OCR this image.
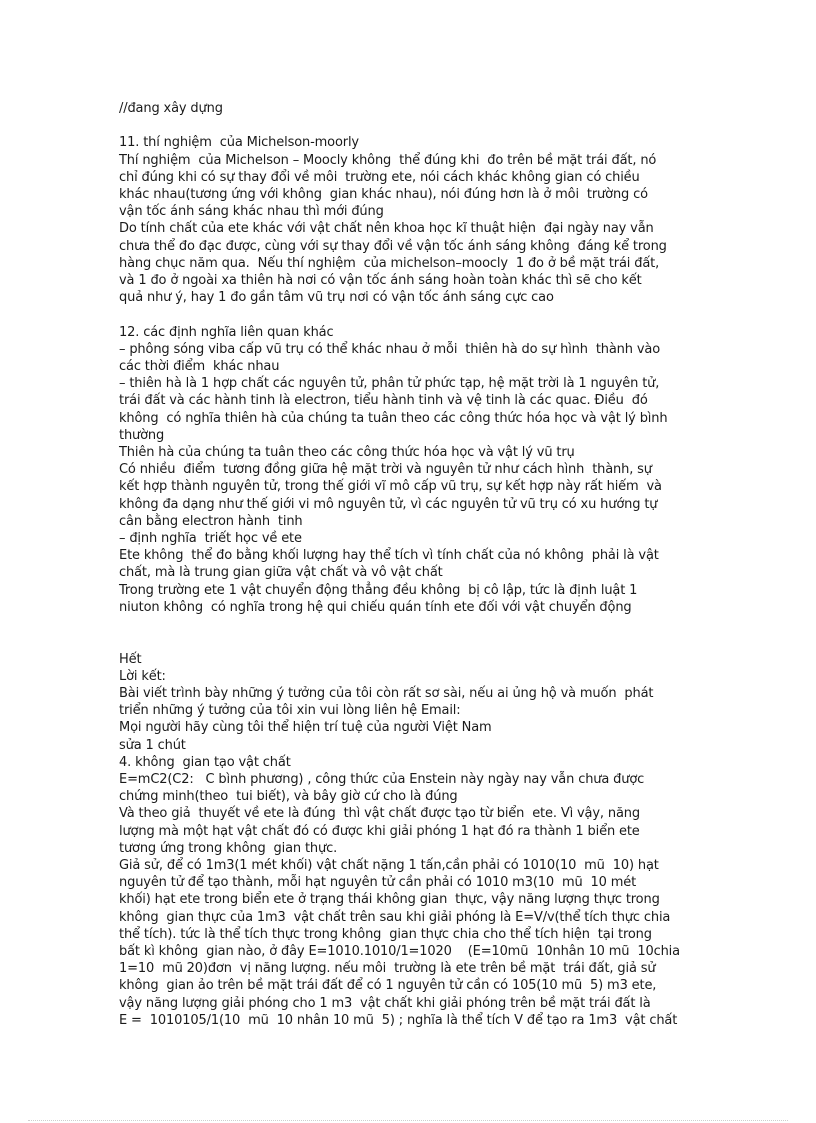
//đang xây dựng

11. thí nghiệm  của Michelson-moorly

Thí nghiệm  của Michelson – Moocly không  thể đúng khi  đo trên bề mặt trái đất, nó

chỉ đúng khi có sự thay đổi về môi  trường ete, nói cách khác không gian có chiều

khác nhau(tương ứng với không  gian khác nhau), nói đúng hơn là ở môi  trường có

vận tốc ánh sáng khác nhau thì mới đúng

Do tính chất của ete khác với vật chất nên khoa học kĩ thuật hiện  đại ngày nay vẫn

chưa thể đo đạc được, cùng với sự thay đổi về vận tốc ánh sáng không  đáng kể trong

hàng chục năm qua.  Nếu thí nghiệm  của michelson–moocly  1 đo ở bề mặt trái đất,

và 1 đo ở ngoài xa thiên hà nơi có vận tốc ánh sáng hoàn toàn khác thì sẽ cho kết

quả như ý, hay 1 đo gần tâm vũ trụ nơi có vận tốc ánh sáng cực cao

12. các định nghĩa liên quan khác

– phông sóng viba cấp vũ trụ có thể khác nhau ở mỗi  thiên hà do sự hình  thành vào

các thời điểm  khác nhau

– thiên hà là 1 hợp chất các nguyên tử, phân tử phức tạp, hệ mặt trời là 1 nguyên tử,

trái đất và các hành tinh là electron, tiểu hành tinh và vệ tinh là các quac. Điều  đó

không  có nghĩa thiên hà của chúng ta tuân theo các công thức hóa học và vật lý bình

thường

Thiên hà của chúng ta tuân theo các công thức hóa học và vật lý vũ trụ

Có nhiều  điểm  tương đồng giữa hệ mặt trời và nguyên tử như cách hình  thành, sự

kết hợp thành nguyên tử, trong thế giới vĩ mô cấp vũ trụ, sự kết hợp này rất hiếm  và

không đa dạng như thế giới vi mô nguyên tử, vì các nguyên tử vũ trụ có xu hướng tự

cân bằng electron hành  tinh

– định nghĩa  triết học về ete

Ete không  thể đo bằng khối lượng hay thể tích vì tính chất của nó không  phải là vật

chất, mà là trung gian giữa vật chất và vô vật chất

Trong trường ete 1 vật chuyển động thẳng đều không  bị cô lập, tức là định luật 1

niuton không  có nghĩa trong hệ qui chiếu quán tính ete đối với vật chuyển động

Hết

Lời kết:

Bài viết trình bày những ý tưởng của tôi còn rất sơ sài, nếu ai ủng hộ và muốn  phát

triển những ý tưởng của tôi xin vui lòng liên hệ Email:

Mọi người hãy cùng tôi thể hiện trí tuệ của người Việt Nam

sửa 1 chút

4. không  gian tạo vật chất

E=mC2(C2:   C bình phương) , công thức của Enstein này ngày nay vẫn chưa được

chứng minh(theo  tui biết), và bây giờ cứ cho là đúng

Và theo giả  thuyết về ete là đúng  thì vật chất được tạo từ biển  ete. Vì vậy, năng

lượng mà một hạt vật chất đó có được khi giải phóng 1 hạt đó ra thành 1 biển ete

tương ứng trong không  gian thực.

Giả sử, để có 1m3(1 mét khối) vật chất nặng 1 tấn,cần phải có 1010(10  mũ  10) hạt

nguyên tử để tạo thành, mỗi hạt nguyên tử cần phải có 1010 m3(10  mũ  10 mét

khối) hạt ete trong biển ete ở trạng thái không gian  thực, vậy năng lượng thực trong

không  gian thực của 1m3  vật chất trên sau khi giải phóng là E=V/v(thể tích thực chia

thể tích). tức là thể tích thực trong không  gian thực chia cho thể tích hiện  tại trong

bất kì không  gian nào, ở đây E=1010.1010/1=1020    (E=10mũ  10nhân 10 mũ  10chia

1=10  mũ 20)đơn  vị năng lượng. nếu môi  trường là ete trên bề mặt  trái đất, giả sử

không  gian ảo trên bề mặt trái đất để có 1 nguyên tử cần có 105(10 mũ  5) m3 ete,

vậy năng lượng giải phóng cho 1 m3  vật chất khi giải phóng trên bề mặt trái đất là

E =  1010105/1(10  mũ  10 nhân 10 mũ  5) ; nghĩa là thể tích V để tạo ra 1m3  vật chất
